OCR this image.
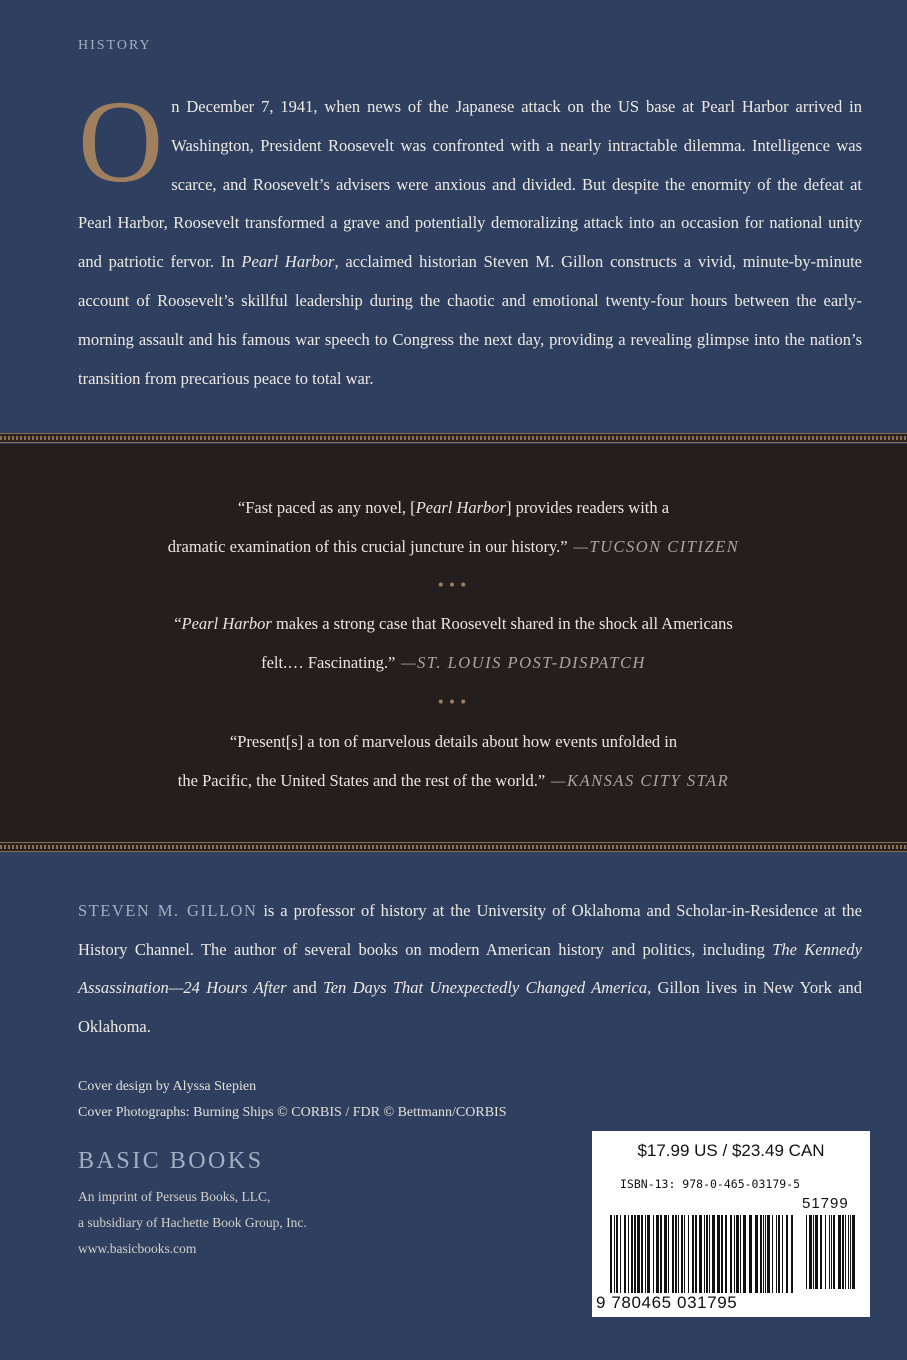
HISTORY

On December 7, 1941, when news of the Japanese attack on the US base at Pearl Harbor arrived in Washington, President Roosevelt was confronted with a nearly intractable dilemma. Intelligence was scarce, and Roosevelt’s advisers were anxious and divided. But despite the enormity of the defeat at Pearl Harbor, Roosevelt transformed a grave and potentially demoralizing attack into an occasion for national unity and patriotic fervor. In Pearl Harbor, acclaimed historian Steven M. Gillon constructs a vivid, minute-by-minute account of Roosevelt’s skillful leadership during the chaotic and emotional twenty-four hours between the early-morning assault and his famous war speech to Congress the next day, providing a revealing glimpse into the nation’s transition from precarious peace to total war.

“Fast paced as any novel, [Pearl Harbor] provides readers with a
dramatic examination of this crucial juncture in our history.” —TUCSON CITIZEN
•••
“Pearl Harbor makes a strong case that Roosevelt shared in the shock all Americans
felt.… Fascinating.” —ST. LOUIS POST-DISPATCH
•••
“Present[s] a ton of marvelous details about how events unfolded in
the Pacific, the United States and the rest of the world.” —KANSAS CITY STAR

STEVEN M. GILLON is a professor of history at the University of Oklahoma and Scholar-in-Residence at the History Channel. The author of several books on modern American history and politics, including The Kennedy Assassination—24 Hours After and Ten Days That Unexpectedly Changed America, Gillon lives in New York and Oklahoma.

Cover design by Alyssa Stepien
Cover Photographs: Burning Ships © CORBIS / FDR © Bettmann/CORBIS
BASIC BOOKS
An imprint of Perseus Books, LLC,
a subsidiary of Hachette Book Group, Inc.
www.basicbooks.com
$17.99 US / $23.49 CAN
ISBN-13: 978-0-465-03179-5
51799
9 780465 031795
